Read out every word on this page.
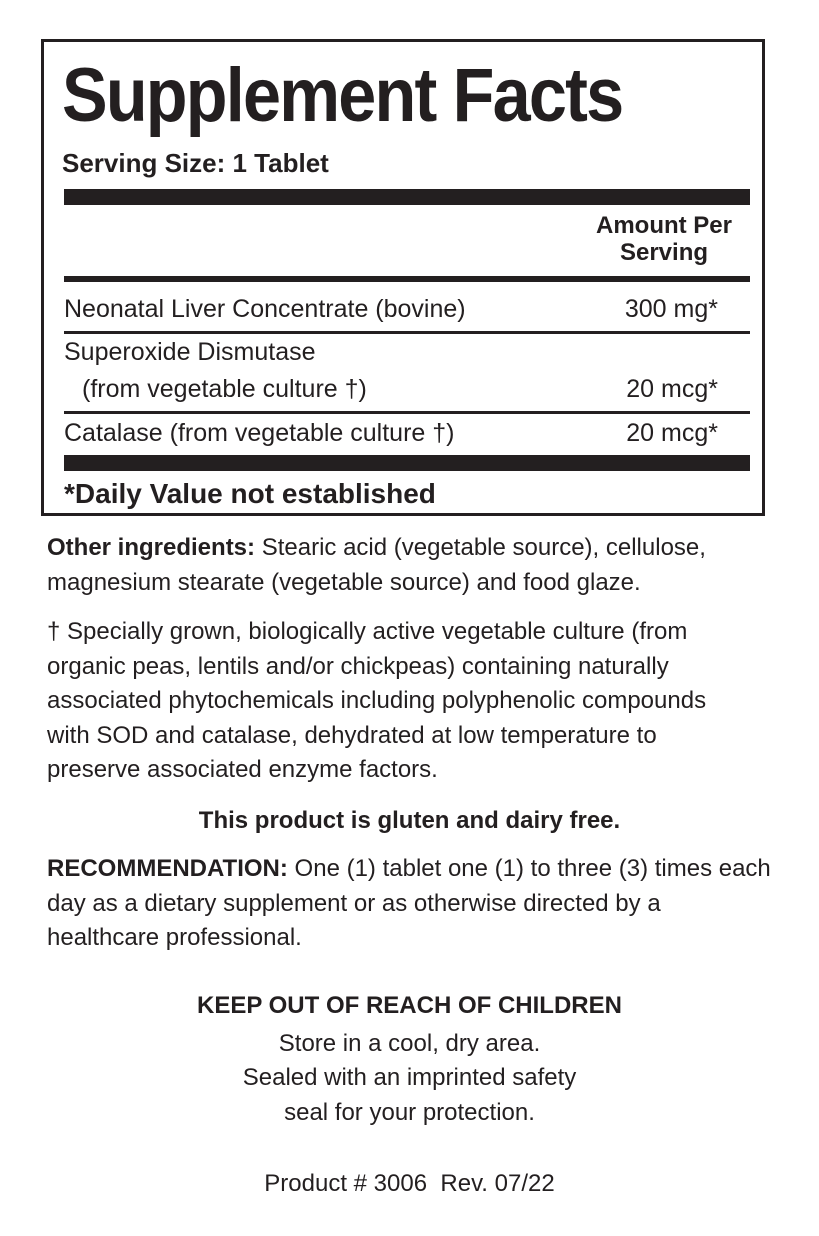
Supplement Facts
Serving Size: 1 Tablet
Amount Per
Serving
Neonatal Liver Concentrate (bovine)	300 mg*
Superoxide Dismutase
(from vegetable culture †)	20 mcg*
Catalase (from vegetable culture †)	20 mcg*
*Daily Value not established
Other ingredients: Stearic acid (vegetable source), cellulose,
magnesium stearate (vegetable source) and food glaze.
† Specially grown, biologically active vegetable culture (from
organic peas, lentils and/or chickpeas) containing naturally
associated phytochemicals including polyphenolic compounds
with SOD and catalase, dehydrated at low temperature to
preserve associated enzyme factors.
This product is gluten and dairy free.
RECOMMENDATION: One (1) tablet one (1) to three (3) times each
day as a dietary supplement or as otherwise directed by a
healthcare professional.
KEEP OUT OF REACH OF CHILDREN
Store in a cool, dry area.
Sealed with an imprinted safety
seal for your protection.
Product # 3006  Rev. 07/22
